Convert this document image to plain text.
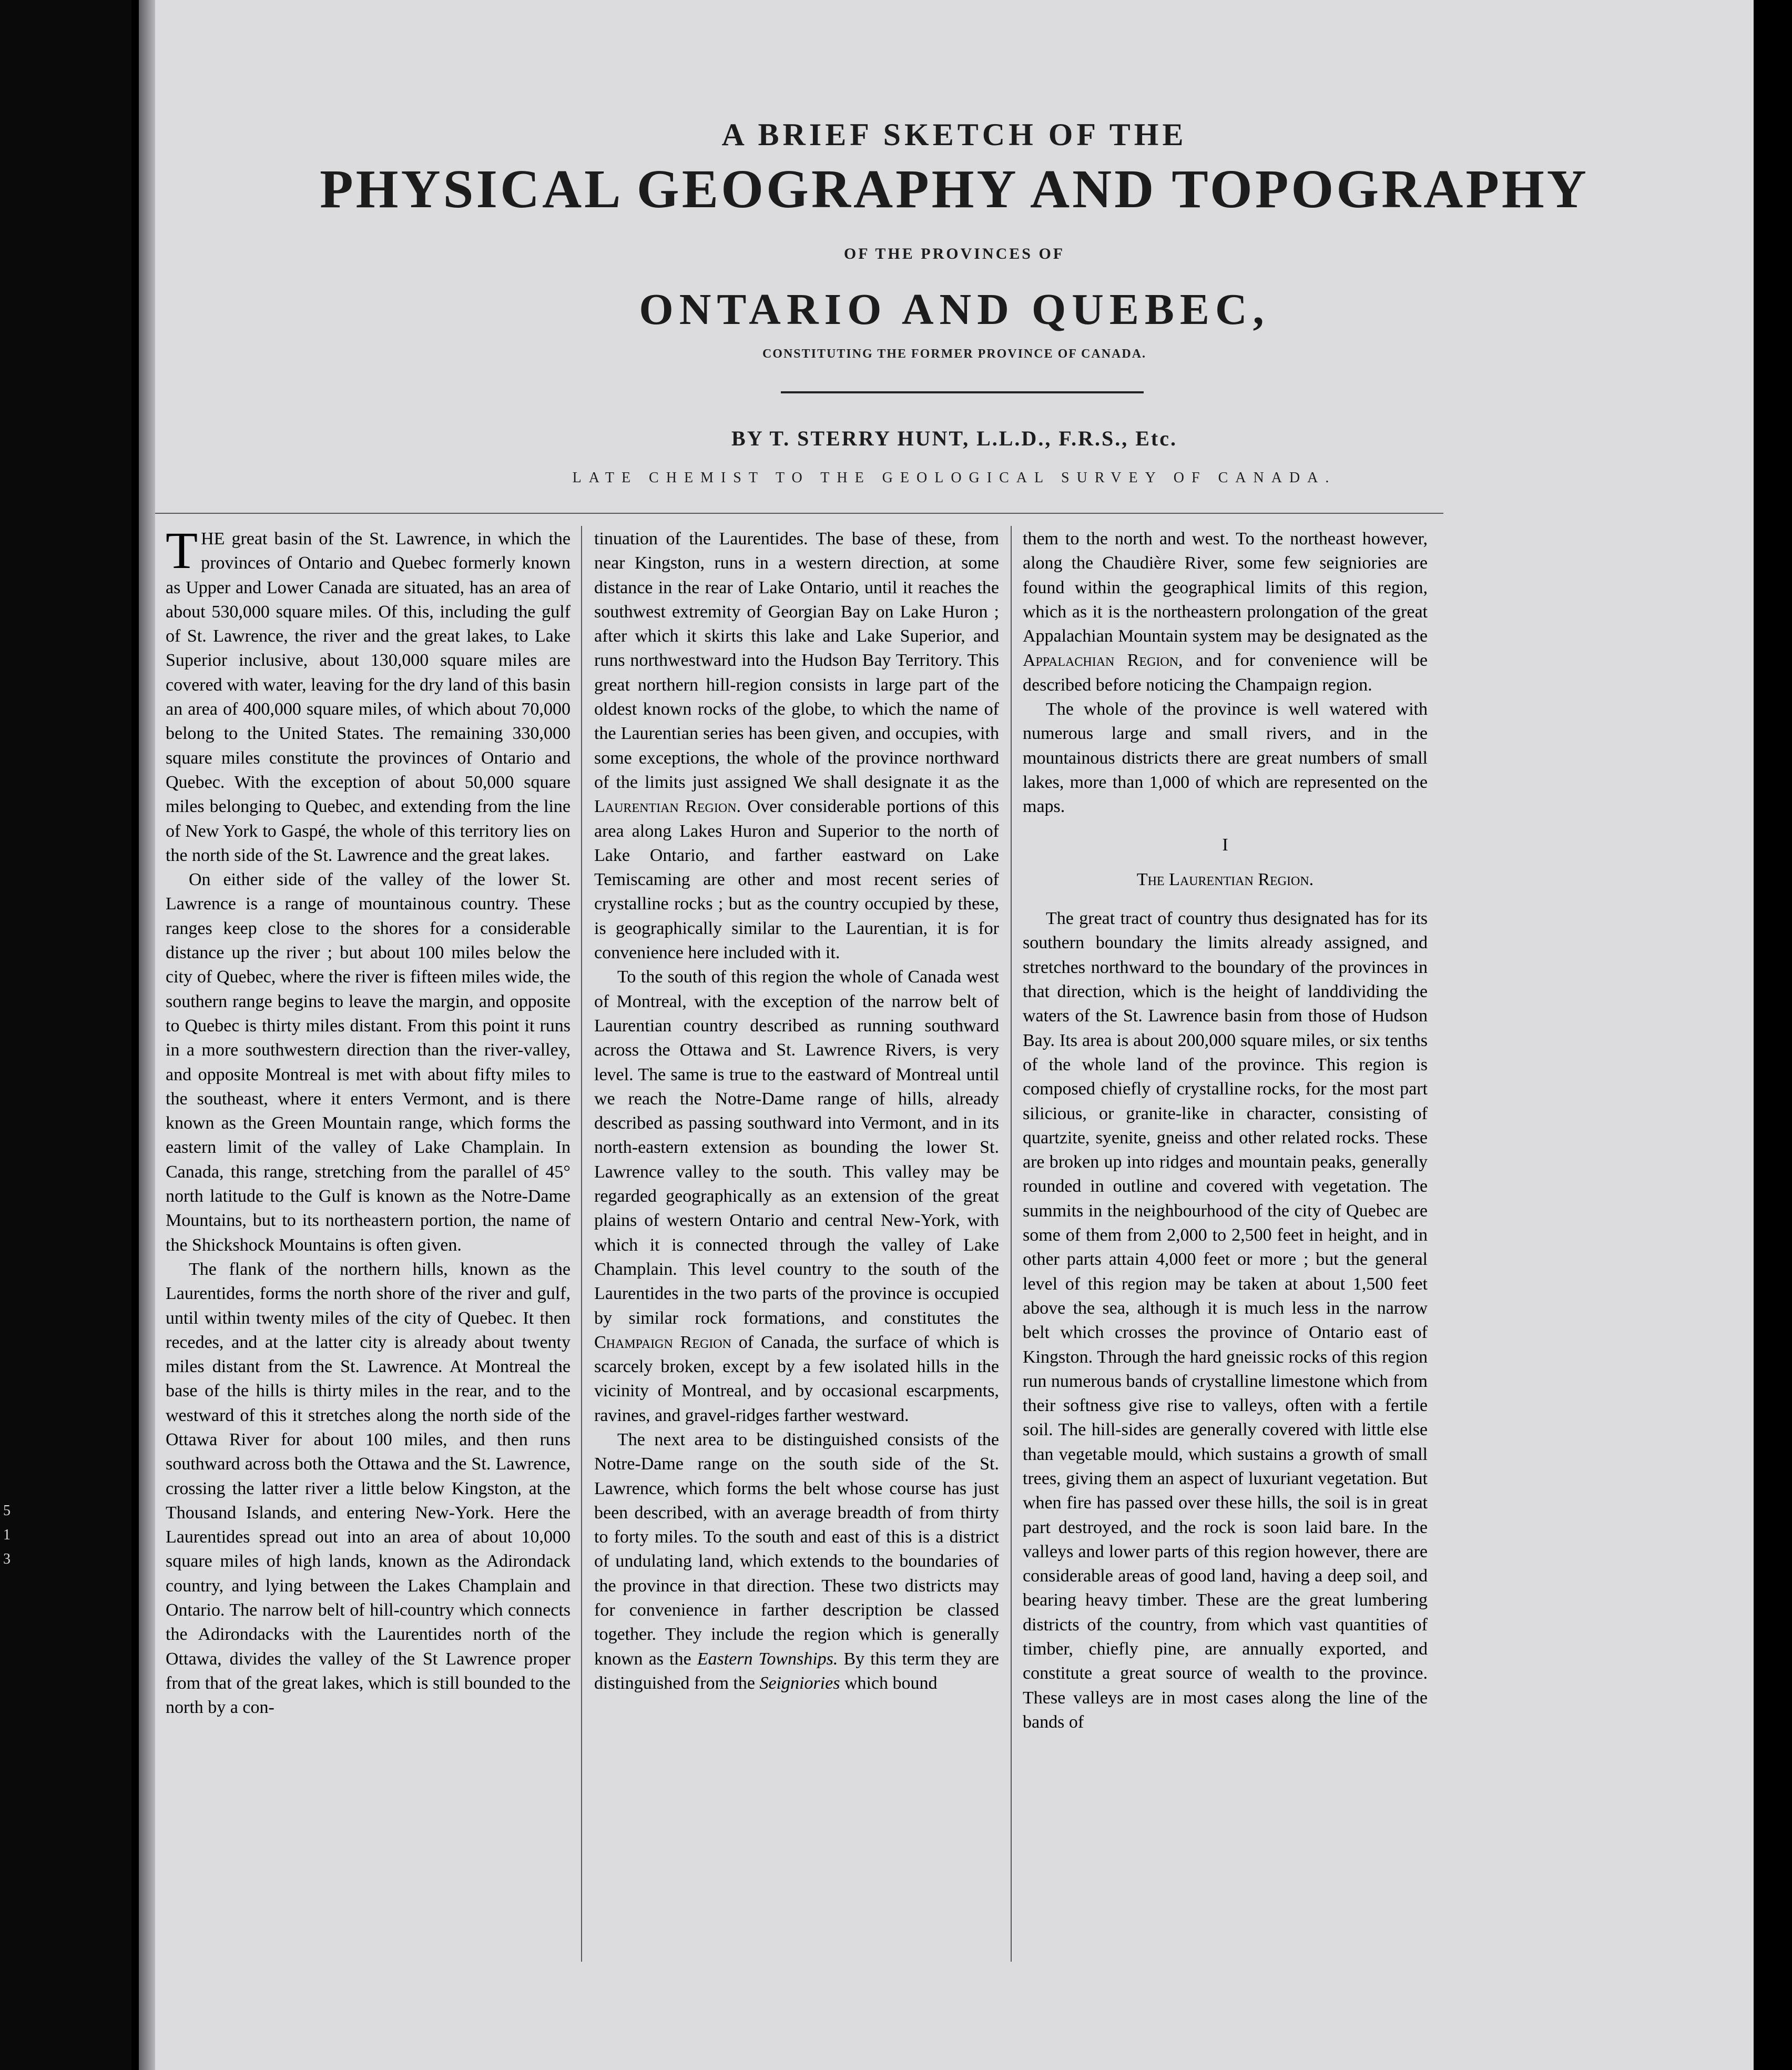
5
1
3
A BRIEF SKETCH OF THE
PHYSICAL GEOGRAPHY AND TOPOGRAPHY
OF THE PROVINCES OF
ONTARIO AND QUEBEC,
CONSTITUTING THE FORMER PROVINCE OF CANADA.
BY T. STERRY HUNT, L.L.D., F.R.S., Etc.
LATE CHEMIST TO THE GEOLOGICAL SURVEY OF CANADA.

THE great basin of the St. Lawrence, in which the provinces of Ontario and Quebec formerly known as Upper and Lower Canada are situated, has an area of about 530,000 square miles. Of this, including the gulf of St. Lawrence, the river and the great lakes, to Lake Superior inclusive, about 130,000 square miles are covered with water, leaving for the dry land of this basin an area of 400,000 square miles, of which about 70,000 belong to the United States. The remaining 330,000 square miles constitute the provinces of Ontario and Quebec. With the exception of about 50,000 square miles belonging to Quebec, and extending from the line of New York to Gaspé, the whole of this territory lies on the north side of the St. Lawrence and the great lakes.

On either side of the valley of the lower St. Lawrence is a range of mountainous country. These ranges keep close to the shores for a considerable distance up the river ; but about 100 miles below the city of Quebec, where the river is fifteen miles wide, the southern range begins to leave the margin, and opposite to Quebec is thirty miles distant. From this point it runs in a more southwestern direction than the river-valley, and opposite Montreal is met with about fifty miles to the southeast, where it enters Vermont, and is there known as the Green Mountain range, which forms the eastern limit of the valley of Lake Champlain. In Canada, this range, stretching from the parallel of 45° north latitude to the Gulf is known as the Notre-Dame Mountains, but to its northeastern portion, the name of the Shickshock Mountains is often given.

The flank of the northern hills, known as the Laurentides, forms the north shore of the river and gulf, until within twenty miles of the city of Quebec. It then recedes, and at the latter city is already about twenty miles distant from the St. Lawrence. At Montreal the base of the hills is thirty miles in the rear, and to the westward of this it stretches along the north side of the Ottawa River for about 100 miles, and then runs southward across both the Ottawa and the St. Lawrence, crossing the latter river a little below Kingston, at the Thousand Islands, and entering New-York. Here the Laurentides spread out into an area of about 10,000 square miles of high lands, known as the Adirondack country, and lying between the Lakes Champlain and Ontario. The narrow belt of hill-country which connects the Adirondacks with the Laurentides north of the Ottawa, divides the valley of the St Lawrence proper from that of the great lakes, which is still bounded to the north by a con-

tinuation of the Laurentides. The base of these, from near Kingston, runs in a western direction, at some distance in the rear of Lake Ontario, until it reaches the southwest extremity of Georgian Bay on Lake Huron ; after which it skirts this lake and Lake Superior, and runs northwestward into the Hudson Bay Territory. This great northern hill-region consists in large part of the oldest known rocks of the globe, to which the name of the Laurentian series has been given, and occupies, with some exceptions, the whole of the province northward of the limits just assigned We shall designate it as the Laurentian Region. Over considerable portions of this area along Lakes Huron and Superior to the north of Lake Ontario, and farther eastward on Lake Temiscaming are other and most recent series of crystalline rocks ; but as the country occupied by these, is geographically similar to the Laurentian, it is for convenience here included with it.

To the south of this region the whole of Canada west of Montreal, with the exception of the narrow belt of Laurentian country described as running southward across the Ottawa and St. Lawrence Rivers, is very level. The same is true to the eastward of Montreal until we reach the Notre-Dame range of hills, already described as passing southward into Vermont, and in its north-eastern extension as bounding the lower St. Lawrence valley to the south. This valley may be regarded geographically as an extension of the great plains of western Ontario and central New-York, with which it is connected through the valley of Lake Champlain. This level country to the south of the Laurentides in the two parts of the province is occupied by similar rock formations, and constitutes the Champaign Region of Canada, the surface of which is scarcely broken, except by a few isolated hills in the vicinity of Montreal, and by occasional escarpments, ravines, and gravel-ridges farther westward.

The next area to be distinguished consists of the Notre-Dame range on the south side of the St. Lawrence, which forms the belt whose course has just been described, with an average breadth of from thirty to forty miles. To the south and east of this is a district of undulating land, which extends to the boundaries of the province in that direction. These two districts may for convenience in farther description be classed together. They include the region which is generally known as the Eastern Townships. By this term they are distinguished from the Seigniories which bound

them to the north and west. To the northeast however, along the Chaudière River, some few seigniories are found within the geographical limits of this region, which as it is the northeastern prolongation of the great Appalachian Mountain system may be designated as the Appalachian Region, and for convenience will be described before noticing the Champaign region.

The whole of the province is well watered with numerous large and small rivers, and in the mountainous districts there are great numbers of small lakes, more than 1,000 of which are represented on the maps.

I

The Laurentian Region.

The great tract of country thus designated has for its southern boundary the limits already assigned, and stretches northward to the boundary of the provinces in that direction, which is the height of landdividing the waters of the St. Lawrence basin from those of Hudson Bay. Its area is about 200,000 square miles, or six tenths of the whole land of the province. This region is composed chiefly of crystalline rocks, for the most part silicious, or granite-like in character, consisting of quartzite, syenite, gneiss and other related rocks. These are broken up into ridges and mountain peaks, generally rounded in outline and covered with vegetation. The summits in the neighbourhood of the city of Quebec are some of them from 2,000 to 2,500 feet in height, and in other parts attain 4,000 feet or more ; but the general level of this region may be taken at about 1,500 feet above the sea, although it is much less in the narrow belt which crosses the province of Ontario east of Kingston. Through the hard gneissic rocks of this region run numerous bands of crystalline limestone which from their softness give rise to valleys, often with a fertile soil. The hill-sides are generally covered with little else than vegetable mould, which sustains a growth of small trees, giving them an aspect of luxuriant vegetation. But when fire has passed over these hills, the soil is in great part destroyed, and the rock is soon laid bare. In the valleys and lower parts of this region however, there are considerable areas of good land, having a deep soil, and bearing heavy timber. These are the great lumbering districts of the country, from which vast quantities of timber, chiefly pine, are annually exported, and constitute a great source of wealth to the province. These valleys are in most cases along the line of the bands of
